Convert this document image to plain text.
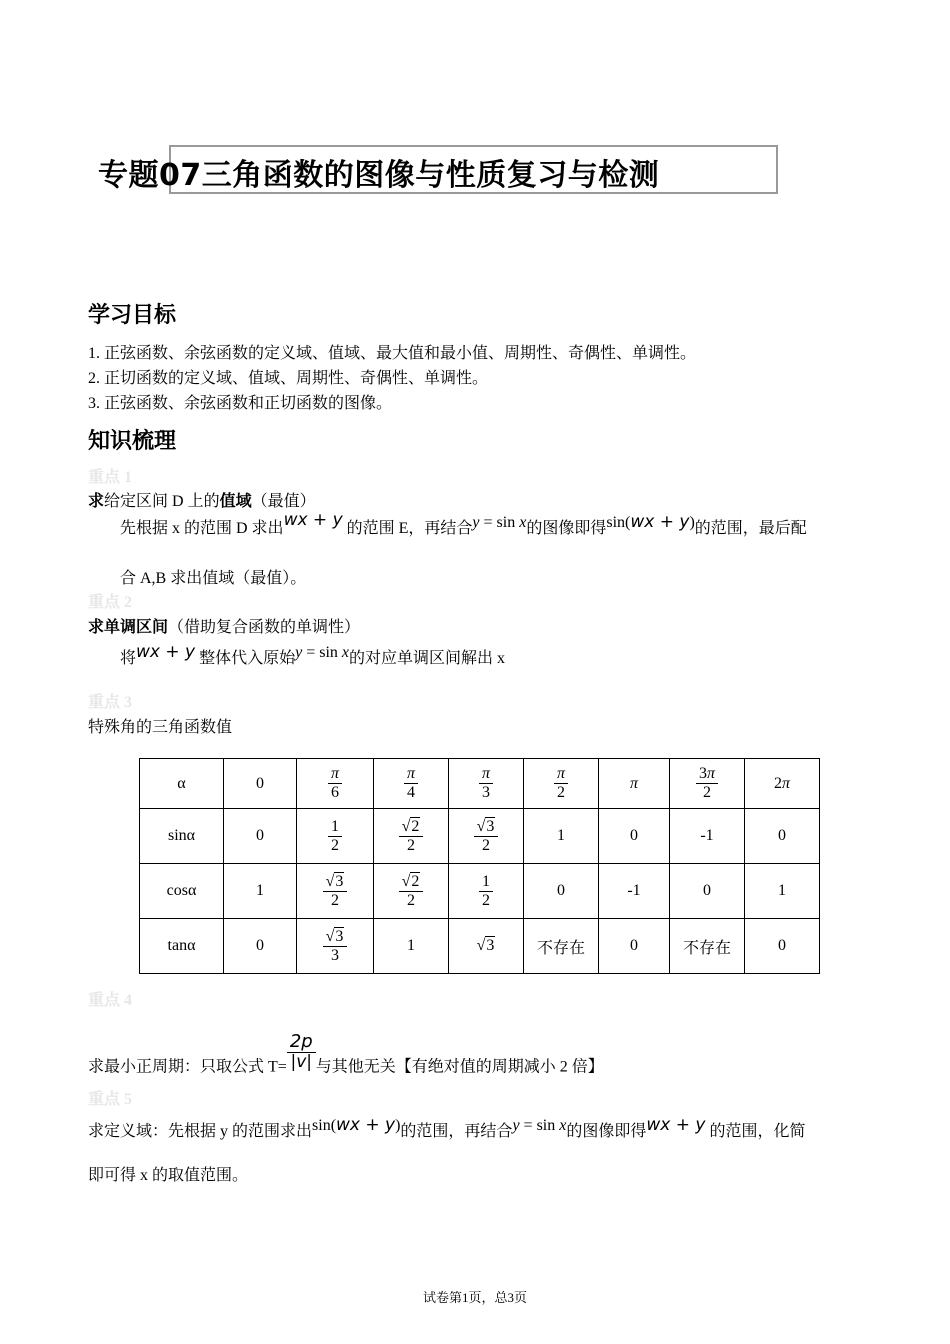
专题07三角函数的图像与性质复习与检测
学习目标
1. 正弦函数、余弦函数的定义域、值域、最大值和最小值、周期性、奇偶性、单调性。
2. 正切函数的定义域、值域、周期性、奇偶性、单调性。
3. 正弦函数、余弦函数和正切函数的图像。
知识梳理
重点 1
求给定区间 D 上的值域（最值）
先根据 x 的范围 D 求出wx + y 的范围 E，再结合y = sin x的图像即得sin(wx + y)的范围，最后配
合 A,B 求出值域（最值）。
重点 2
求单调区间（借助复合函数的单调性）
将wx + y 整体代入原始y = sin x的对应单调区间解出 x
重点 3
特殊角的三角函数值
α	0	$\frac{\pi}{6}$	$\frac{\pi}{4}$	$\frac{\pi}{3}$	$\frac{\pi}{2}$	π	$\frac{3\pi}{2}$	2π
sinα	0	$\frac{1}{2}$	$\frac{√2}{2}$	$\frac{√3}{2}$	1	0	-1	0
cosα	1	$\frac{√3}{2}$	$\frac{√2}{2}$	$\frac{1}{2}$	0	-1	0	1
tanα	0	$\frac{√3}{3}$	1	√3	不存在	0	不存在	0
重点 4
求最小正周期：只取公式 $T= \frac{2p}{|v|}$ 与其他无关【有绝对值的周期减小 2 倍】
重点 5
求定义域：先根据 y 的范围求出sin(wx + y)的范围，再结合y = sin x的图像即得wx + y 的范围，化简
即可得 x 的取值范围。
试卷第1页，总3页
